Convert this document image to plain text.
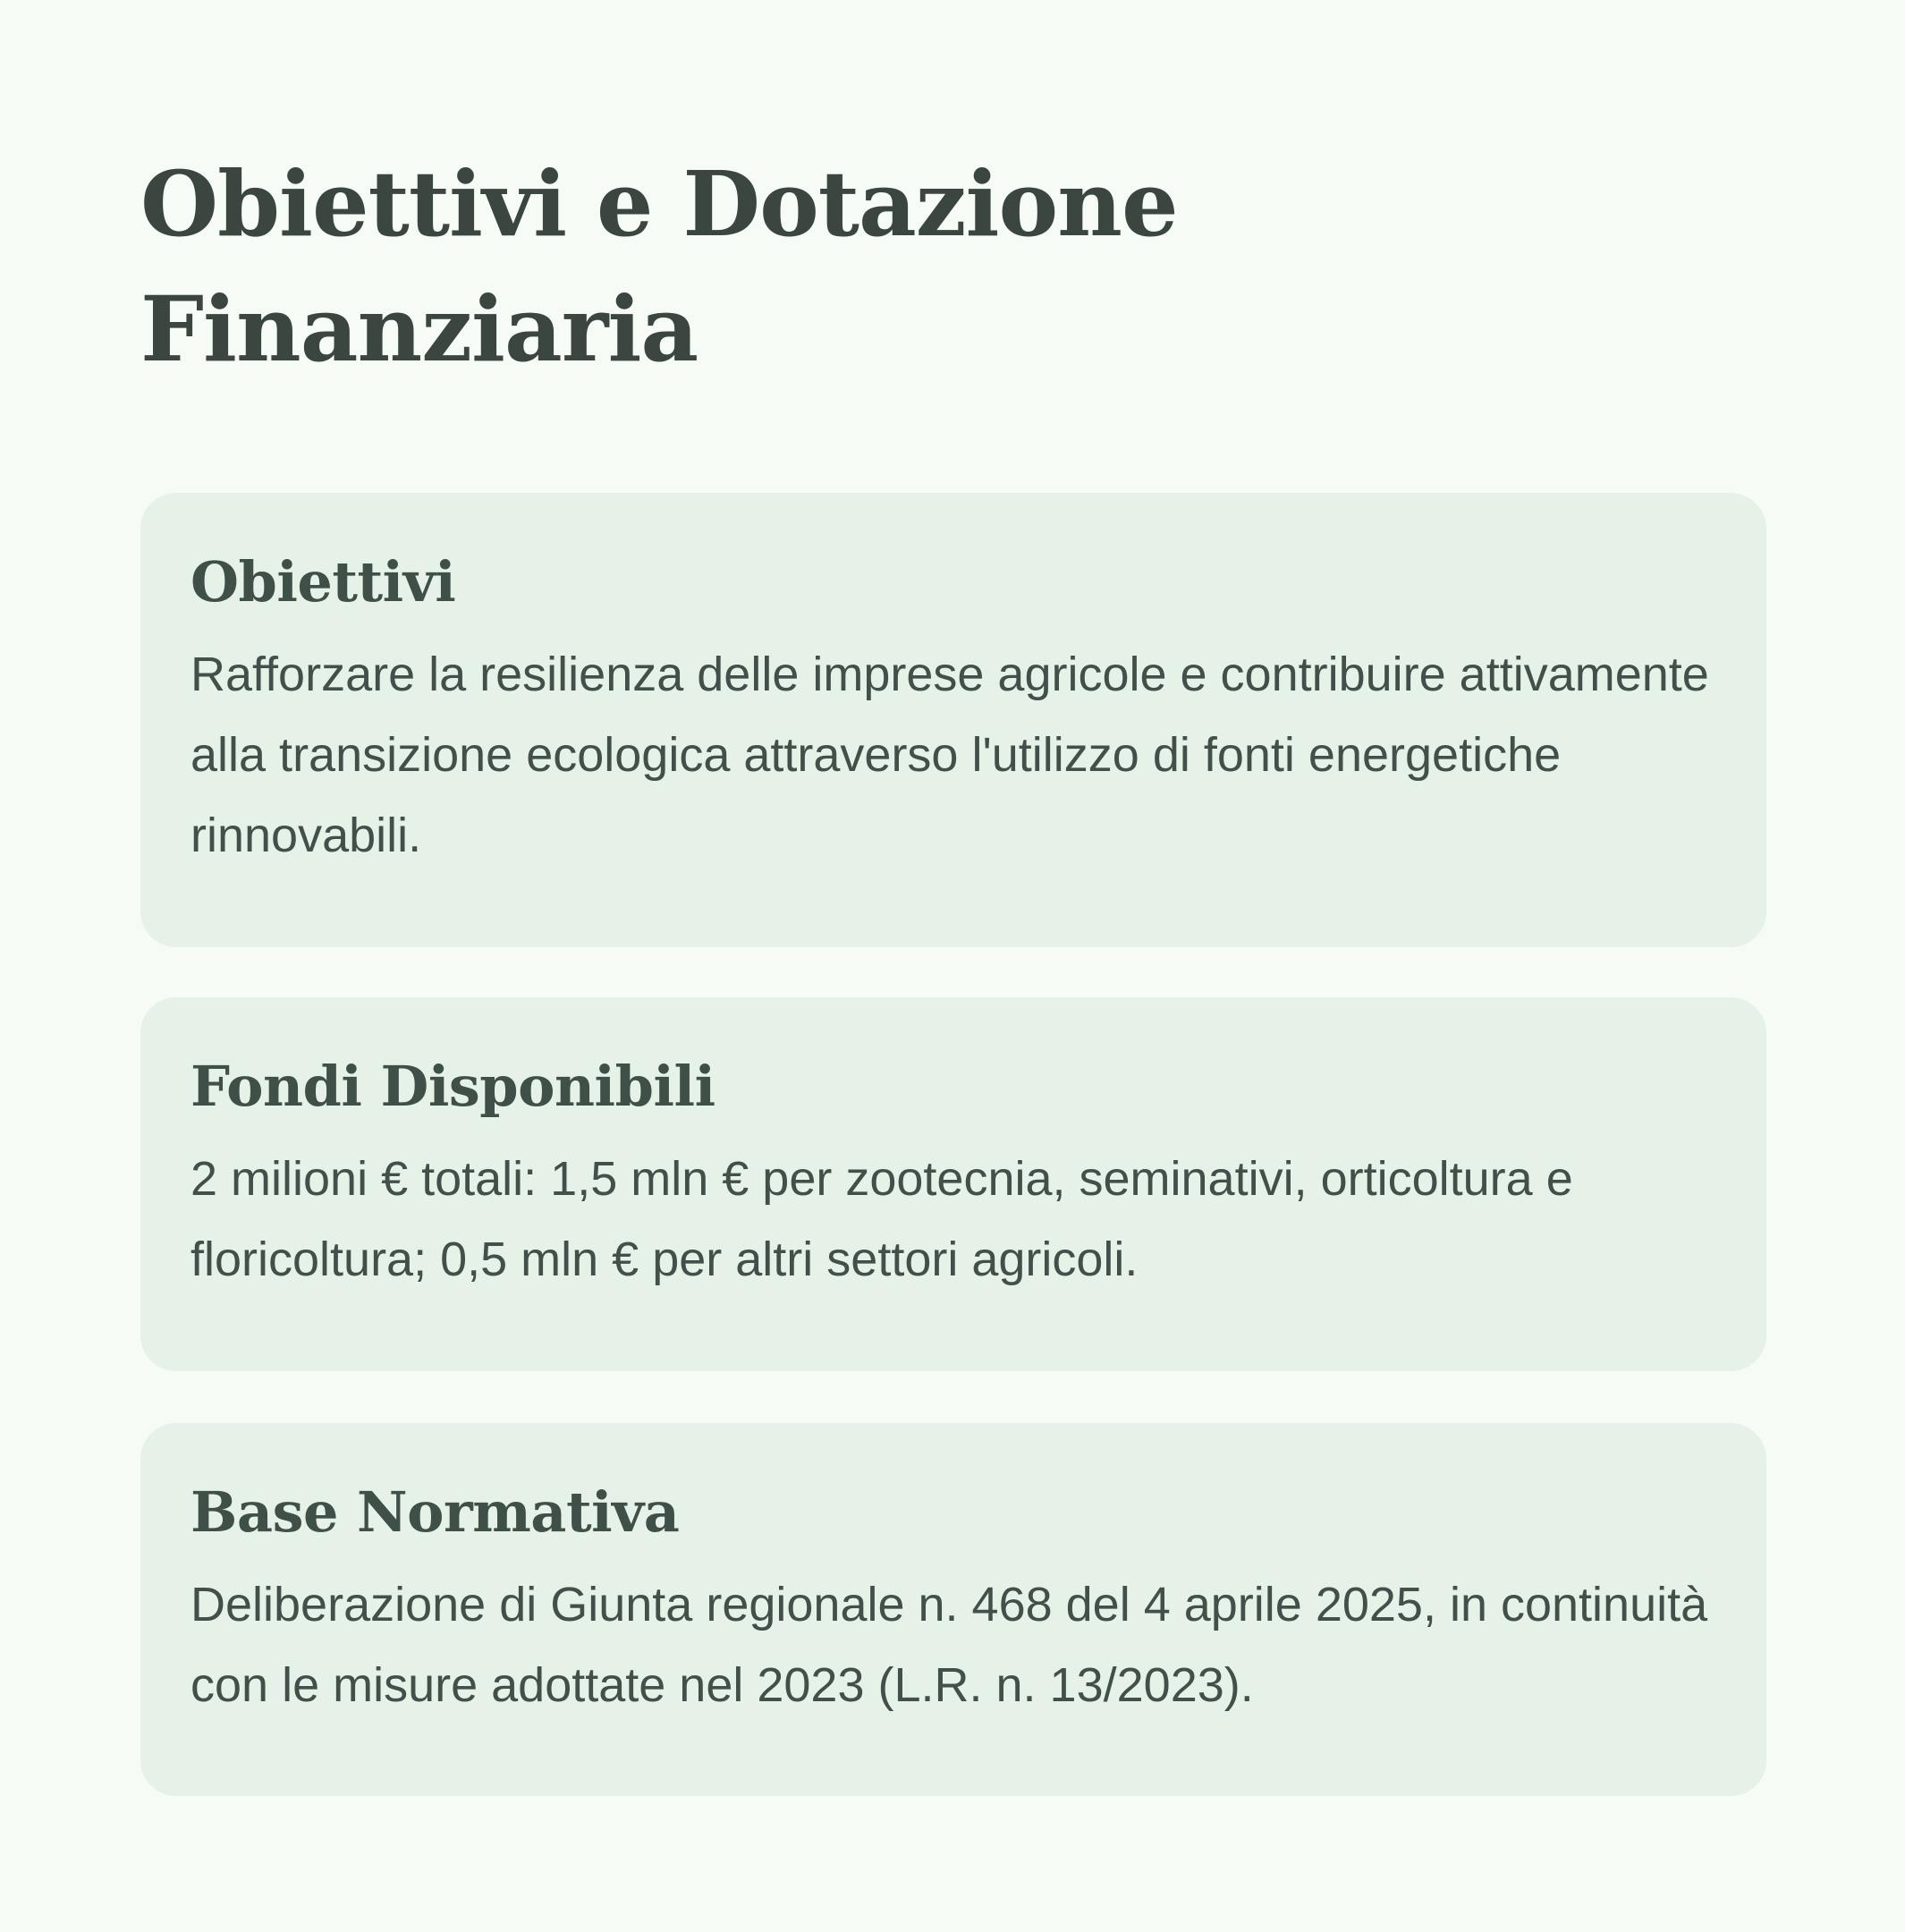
Obiettivi e Dotazione Finanziaria
Obiettivi

Rafforzare la resilienza delle imprese agricole e contribuire attivamente alla transizione ecologica attraverso l'utilizzo di fonti energetiche rinnovabili.

Fondi Disponibili

2 milioni € totali: 1,5 mln € per zootecnia, seminativi, orticoltura e floricoltura; 0,5 mln € per altri settori agricoli.

Base Normativa

Deliberazione di Giunta regionale n. 468 del 4 aprile 2025, in continuità con le misure adottate nel 2023 (L.R. n. 13/2023).
